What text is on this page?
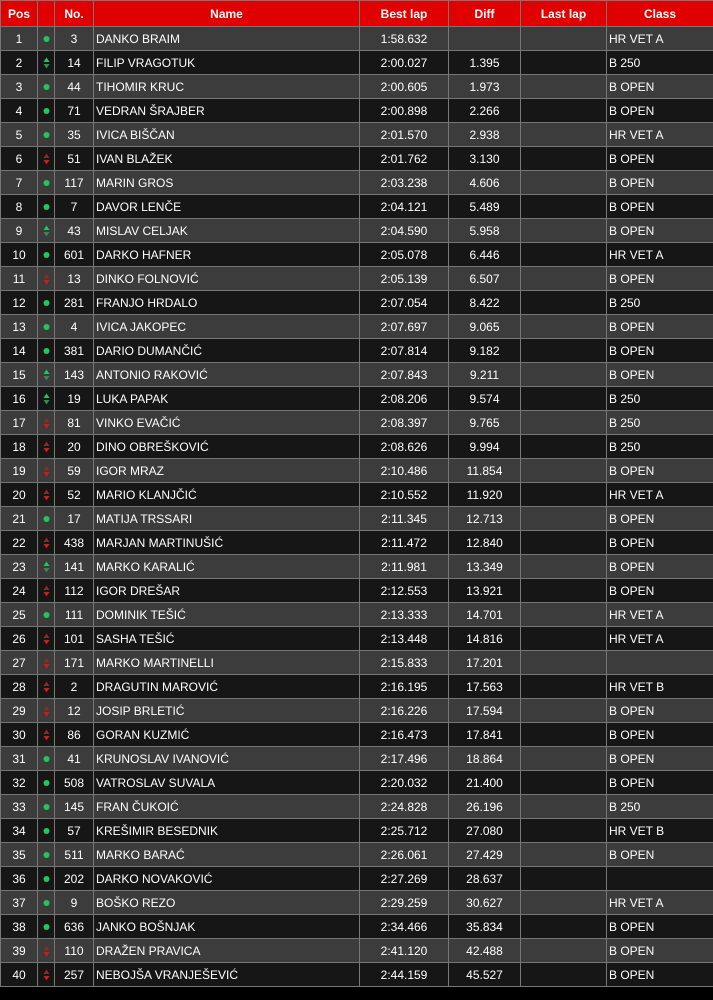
Pos		No.	Name	Best lap	Diff	Last lap	Class
1		3	DANKO BRAIM	1:58.632			HR VET A
2		14	FILIP VRAGOTUK	2:00.027	1.395		B 250
3		44	TIHOMIR KRUC	2:00.605	1.973		B OPEN
4		71	VEDRAN ŠRAJBER	2:00.898	2.266		B OPEN
5		35	IVICA BIŠČAN	2:01.570	2.938		HR VET A
6		51	IVAN BLAŽEK	2:01.762	3.130		B OPEN
7		117	MARIN GROS	2:03.238	4.606		B OPEN
8		7	DAVOR LENČE	2:04.121	5.489		B OPEN
9		43	MISLAV CELJAK	2:04.590	5.958		B OPEN
10		601	DARKO HAFNER	2:05.078	6.446		HR VET A
11		13	DINKO FOLNOVIĆ	2:05.139	6.507		B OPEN
12		281	FRANJO HRDALO	2:07.054	8.422		B 250
13		4	IVICA JAKOPEC	2:07.697	9.065		B OPEN
14		381	DARIO DUMANČIĆ	2:07.814	9.182		B OPEN
15		143	ANTONIO RAKOVIĆ	2:07.843	9.211		B OPEN
16		19	LUKA PAPAK	2:08.206	9.574		B 250
17		81	VINKO EVAČIĆ	2:08.397	9.765		B 250
18		20	DINO OBREŠKOVIĆ	2:08.626	9.994		B 250
19		59	IGOR MRAZ	2:10.486	11.854		B OPEN
20		52	MARIO KLANJČIĆ	2:10.552	11.920		HR VET A
21		17	MATIJA TRSSARI	2:11.345	12.713		B OPEN
22		438	MARJAN MARTINUŠIĆ	2:11.472	12.840		B OPEN
23		141	MARKO KARALIĆ	2:11.981	13.349		B OPEN
24		112	IGOR DREŠAR	2:12.553	13.921		B OPEN
25		111	DOMINIK TEŠIĆ	2:13.333	14.701		HR VET A
26		101	SASHA TEŠIĆ	2:13.448	14.816		HR VET A
27		171	MARKO MARTINELLI	2:15.833	17.201		
28		2	DRAGUTIN MAROVIĆ	2:16.195	17.563		HR VET B
29		12	JOSIP BRLETIĆ	2:16.226	17.594		B OPEN
30		86	GORAN KUZMIĆ	2:16.473	17.841		B OPEN
31		41	KRUNOSLAV IVANOVIĆ	2:17.496	18.864		B OPEN
32		508	VATROSLAV SUVALA	2:20.032	21.400		B OPEN
33		145	FRAN ČUKOIĆ	2:24.828	26.196		B 250
34		57	KREŠIMIR BESEDNIK	2:25.712	27.080		HR VET B
35		511	MARKO BARAĆ	2:26.061	27.429		B OPEN
36		202	DARKO NOVAKOVIĆ	2:27.269	28.637		
37		9	BOŠKO REZO	2:29.259	30.627		HR VET A
38		636	JANKO BOŠNJAK	2:34.466	35.834		B OPEN
39		110	DRAŽEN PRAVICA	2:41.120	42.488		B OPEN
40		257	NEBOJŠA VRANJEŠEVIĆ	2:44.159	45.527		B OPEN
